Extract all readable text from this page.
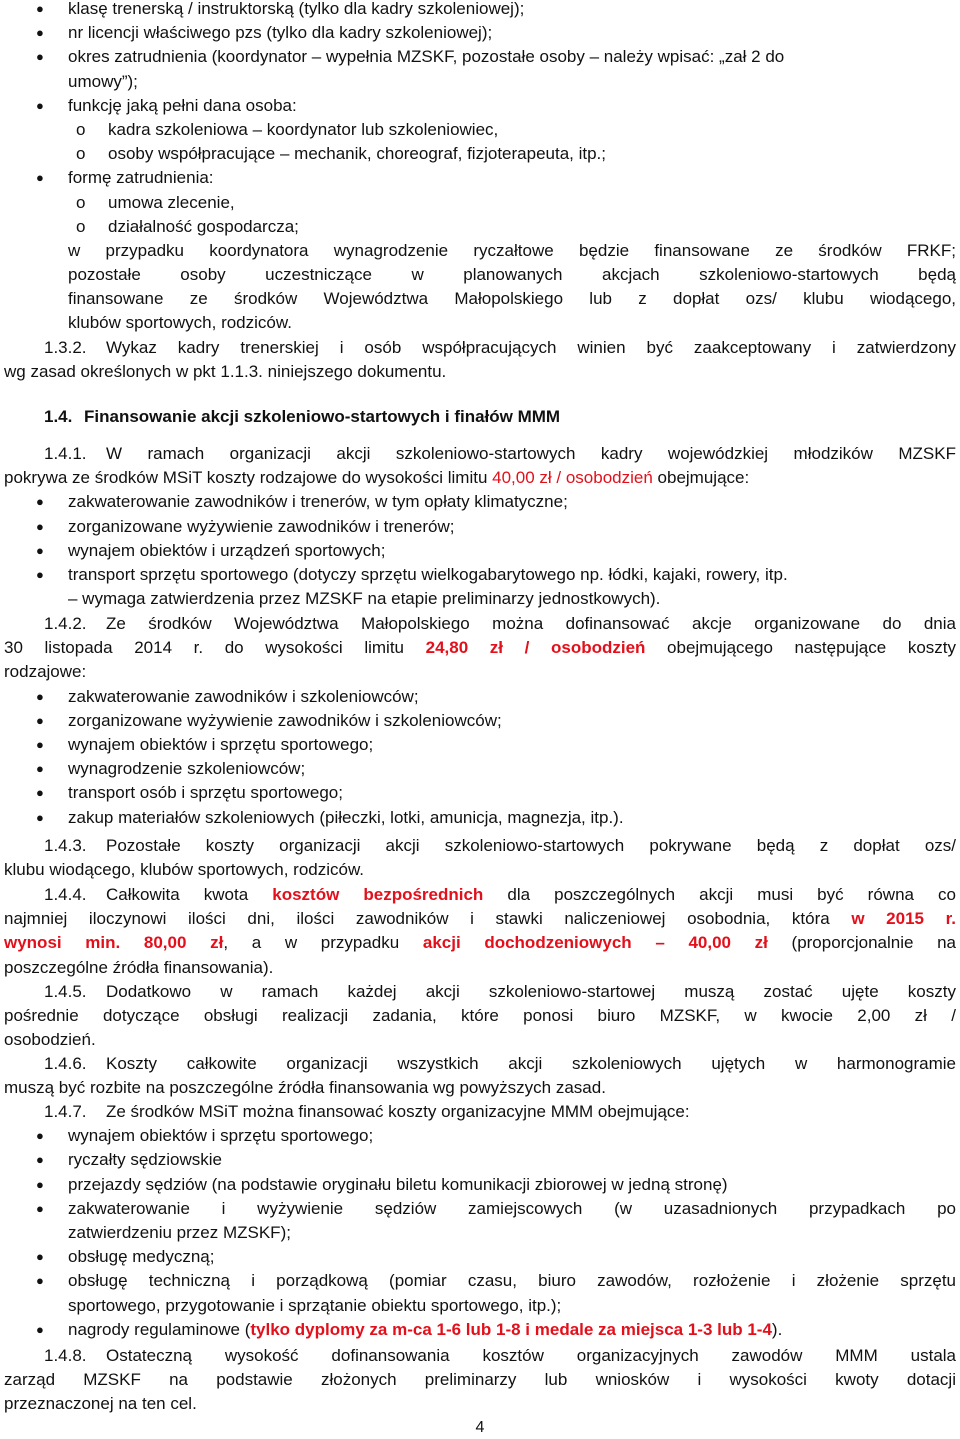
● klasę trenerską / instruktorską (tylko dla kadry szkoleniowej);
● nr licencji właściwego pzs (tylko dla kadry szkoleniowej);
● okres zatrudnienia (koordynator – wypełnia MZSKF, pozostałe osoby – należy wpisać: „zał 2 do
umowy”);
● funkcję jaką pełni dana osoba:
o kadra szkoleniowa – koordynator lub szkoleniowiec,
o osoby współpracujące – mechanik, choreograf, fizjoterapeuta, itp.;
● formę zatrudnienia:
o umowa zlecenie,
o działalność gospodarcza;
w przypadku koordynatora wynagrodzenie ryczałtowe będzie finansowane ze środków FRKF;
pozostałe osoby uczestniczące w planowanych akcjach szkoleniowo-startowych będą
finansowane ze środków Województwa Małopolskiego lub z dopłat ozs/ klubu wiodącego,
klubów sportowych, rodziców.
1.3.2. Wykaz kadry trenerskiej i osób współpracujących winien być zaakceptowany i zatwierdzony
wg zasad określonych w pkt 1.1.3. niniejszego dokumentu.
1.4. Finansowanie akcji szkoleniowo-startowych i finałów MMM
1.4.1. W ramach organizacji akcji szkoleniowo-startowych kadry wojewódzkiej młodzików MZSKF
pokrywa ze środków MSiT koszty rodzajowe do wysokości limitu 40,00 zł / osobodzień obejmujące:
● zakwaterowanie zawodników i trenerów, w tym opłaty klimatyczne;
● zorganizowane wyżywienie zawodników i trenerów;
● wynajem obiektów i urządzeń sportowych;
● transport sprzętu sportowego (dotyczy sprzętu wielkogabarytowego np. łódki, kajaki, rowery, itp.
– wymaga zatwierdzenia przez MZSKF na etapie preliminarzy jednostkowych).
1.4.2. Ze środków Województwa Małopolskiego można dofinansować akcje organizowane do dnia
30 listopada 2014 r. do wysokości limitu 24,80 zł / osobodzień obejmującego następujące koszty
rodzajowe:
● zakwaterowanie zawodników i szkoleniowców;
● zorganizowane wyżywienie zawodników i szkoleniowców;
● wynajem obiektów i sprzętu sportowego;
● wynagrodzenie szkoleniowców;
● transport osób i sprzętu sportowego;
● zakup materiałów szkoleniowych (piłeczki, lotki, amunicja, magnezja, itp.).
1.4.3. Pozostałe koszty organizacji akcji szkoleniowo-startowych pokrywane będą z dopłat ozs/
klubu wiodącego, klubów sportowych, rodziców.
1.4.4. Całkowita kwota kosztów bezpośrednich dla poszczególnych akcji musi być równa co
najmniej iloczynowi ilości dni, ilości zawodników i stawki naliczeniowej osobodnia, która w 2015 r.
wynosi min. 80,00 zł, a w przypadku akcji dochodzeniowych – 40,00 zł (proporcjonalnie na
poszczególne źródła finansowania).
1.4.5. Dodatkowo w ramach każdej akcji szkoleniowo-startowej muszą zostać ujęte koszty
pośrednie dotyczące obsługi realizacji zadania, które ponosi biuro MZSKF, w kwocie 2,00 zł /
osobodzień.
1.4.6. Koszty całkowite organizacji wszystkich akcji szkoleniowych ujętych w harmonogramie
muszą być rozbite na poszczególne źródła finansowania wg powyższych zasad.
1.4.7. Ze środków MSiT można finansować koszty organizacyjne MMM obejmujące:
● wynajem obiektów i sprzętu sportowego;
● ryczałty sędziowskie
● przejazdy sędziów (na podstawie oryginału biletu komunikacji zbiorowej w jedną stronę)
● zakwaterowanie i wyżywienie sędziów zamiejscowych (w uzasadnionych przypadkach po
zatwierdzeniu przez MZSKF);
● obsługę medyczną;
● obsługę techniczną i porządkową (pomiar czasu, biuro zawodów, rozłożenie i złożenie sprzętu
sportowego, przygotowanie i sprzątanie obiektu sportowego, itp.);
● nagrody regulaminowe (tylko dyplomy za m-ca 1-6 lub 1-8 i medale za miejsca 1-3 lub 1-4).
1.4.8. Ostateczną wysokość dofinansowania kosztów organizacyjnych zawodów MMM ustala
zarząd MZSKF na podstawie złożonych preliminarzy lub wniosków i wysokości kwoty dotacji
przeznaczonej na ten cel.
4
